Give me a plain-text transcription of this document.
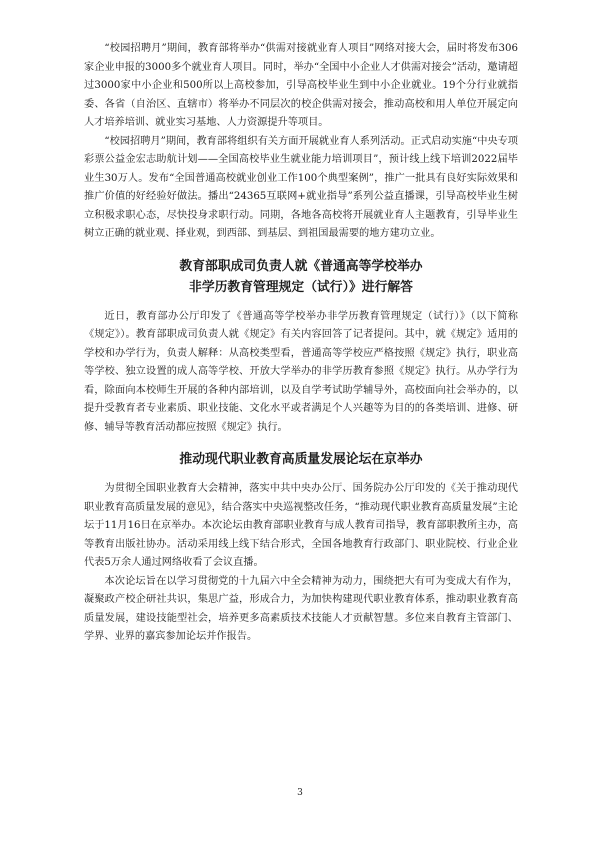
“校园招聘月”期间，教育部将举办“供需对接就业育人项目”网络对接大会，届时将发布306家企业申报的3000多个就业育人项目。同时，举办“全国中小企业人才供需对接会”活动，邀请超过3000家中小企业和500所以上高校参加，引导高校毕业生到中小企业就业。19个分行业就指委、各省（自治区、直辖市）将举办不同层次的校企供需对接会，推动高校和用人单位开展定向人才培养培训、就业实习基地、人力资源提升等项目。

“校园招聘月”期间，教育部将组织有关方面开展就业育人系列活动。正式启动实施“中央专项彩票公益金宏志助航计划——全国高校毕业生就业能力培训项目”，预计线上线下培训2022届毕业生30万人。发布“全国普通高校就业创业工作100个典型案例”，推广一批具有良好实际效果和推广价值的好经验好做法。播出“24365互联网+就业指导”系列公益直播课，引导高校毕业生树立积极求职心态，尽快投身求职行动。同期，各地各高校将开展就业育人主题教育，引导毕业生树立正确的就业观、择业观，到西部、到基层、到祖国最需要的地方建功立业。

教育部职成司负责人就《普通高等学校举办
非学历教育管理规定（试行）》进行解答

近日，教育部办公厅印发了《普通高等学校举办非学历教育管理规定（试行）》（以下简称《规定》）。教育部职成司负责人就《规定》有关内容回答了记者提问。其中，就《规定》适用的学校和办学行为，负责人解释：从高校类型看，普通高等学校应严格按照《规定》执行，职业高等学校、独立设置的成人高等学校、开放大学举办的非学历教育参照《规定》执行。从办学行为看，除面向本校师生开展的各种内部培训，以及自学考试助学辅导外，高校面向社会举办的，以提升受教育者专业素质、职业技能、文化水平或者满足个人兴趣等为目的的各类培训、进修、研修、辅导等教育活动都应按照《规定》执行。

推动现代职业教育高质量发展论坛在京举办

为贯彻全国职业教育大会精神，落实中共中央办公厅、国务院办公厅印发的《关于推动现代职业教育高质量发展的意见》，结合落实中央巡视整改任务，“推动现代职业教育高质量发展”主论坛于11月16日在京举办。本次论坛由教育部职业教育与成人教育司指导，教育部职教所主办，高等教育出版社协办。活动采用线上线下结合形式，全国各地教育行政部门、职业院校、行业企业代表5万余人通过网络收看了会议直播。

本次论坛旨在以学习贯彻党的十九届六中全会精神为动力，围绕把大有可为变成大有作为，凝聚政产校企研社共识，集思广益，形成合力，为加快构建现代职业教育体系，推动职业教育高质量发展，建设技能型社会，培养更多高素质技术技能人才贡献智慧。多位来自教育主管部门、学界、业界的嘉宾参加论坛并作报告。

3
